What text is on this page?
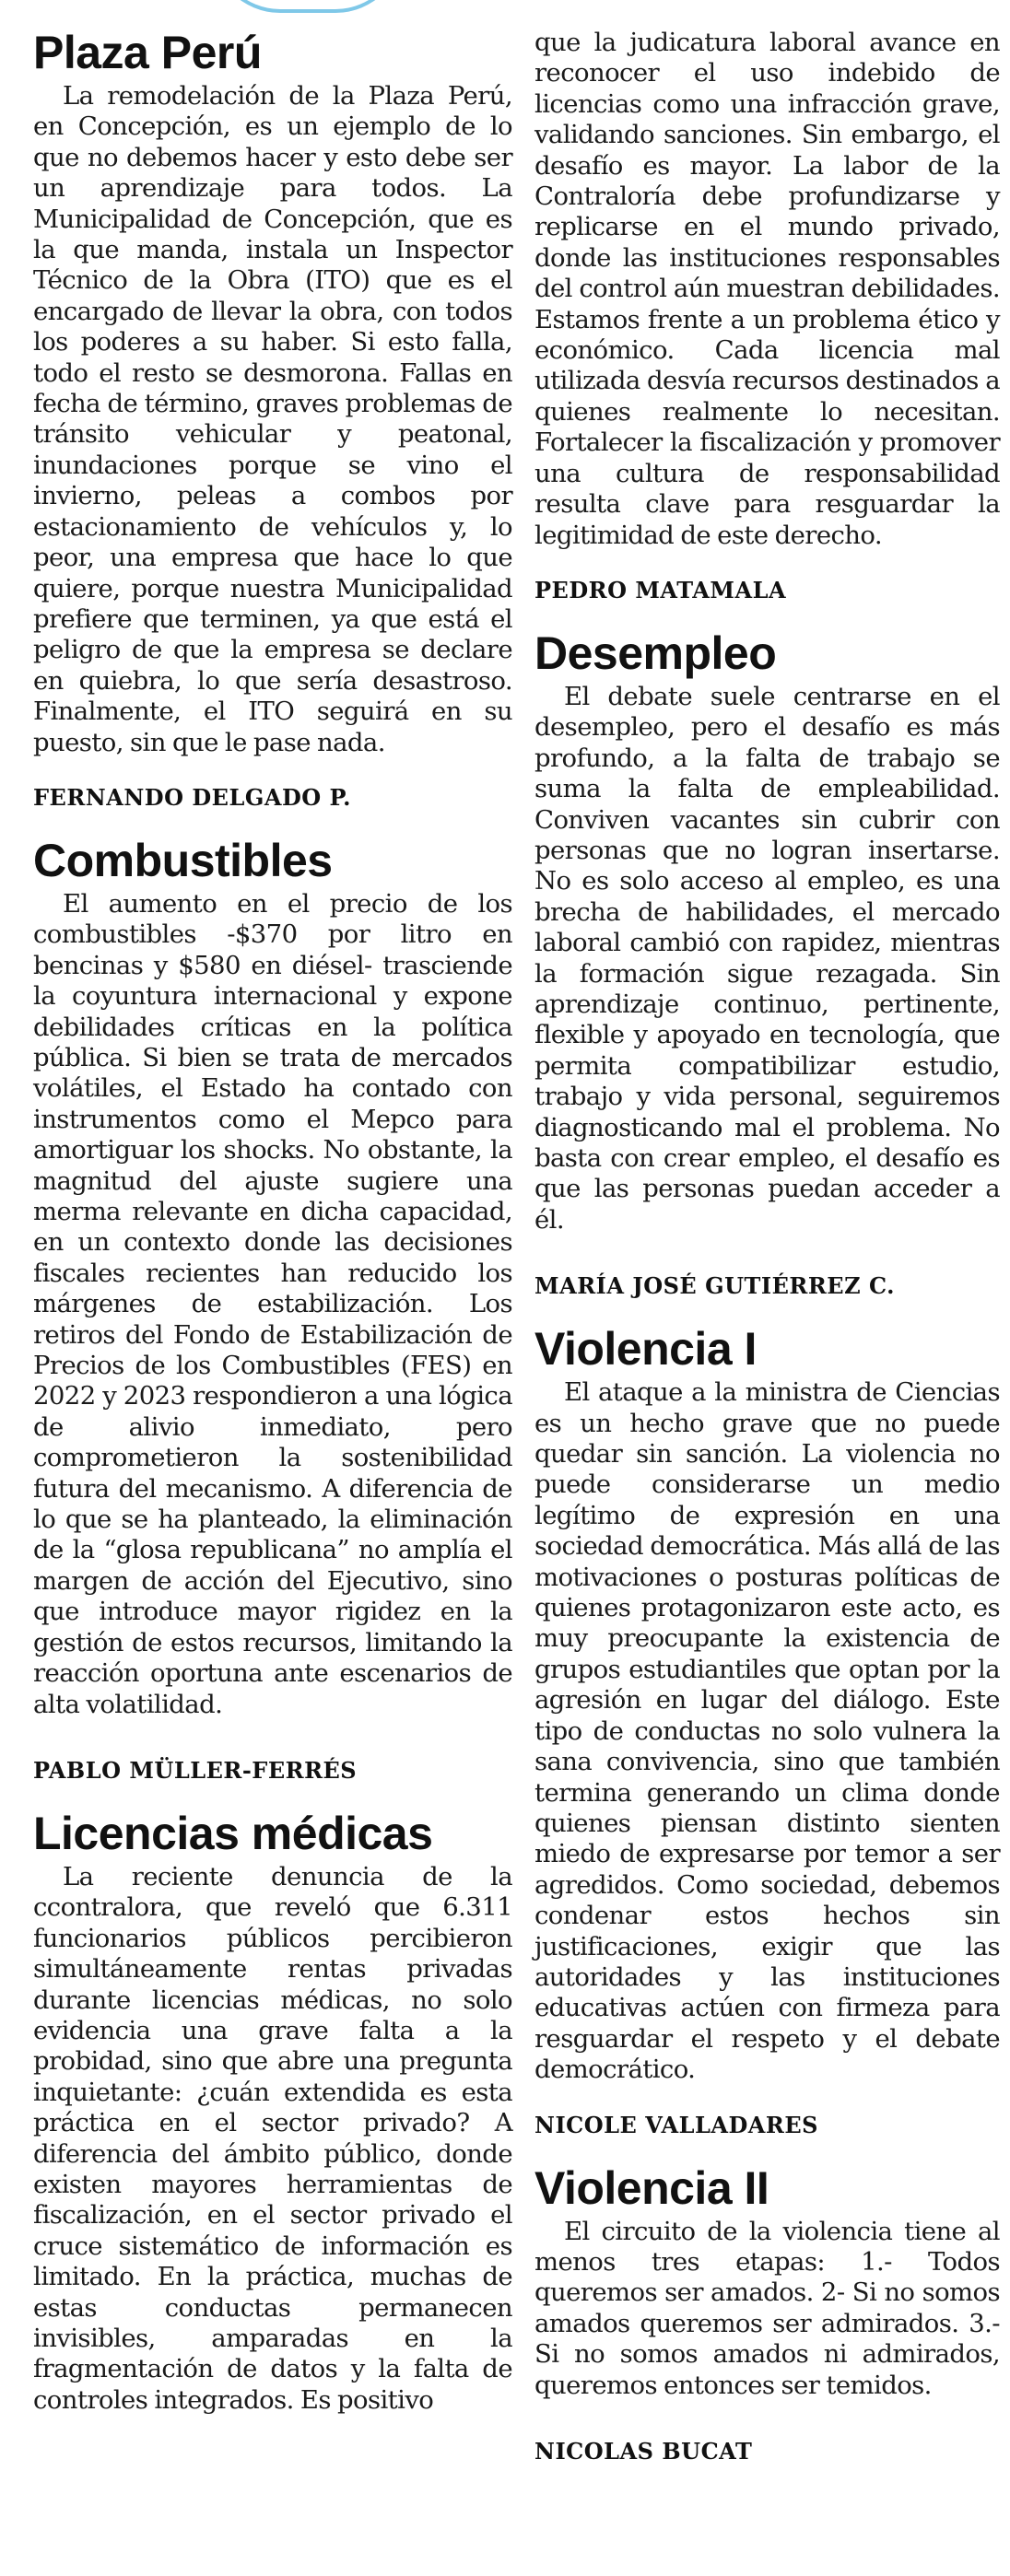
Plaza Perú

La remodelación de la Plaza Perú, en Concepción, es un ejemplo de lo que no debemos hacer y esto debe ser un aprendizaje para todos. La Municipalidad de Concepción, que es la que manda, instala un Inspector Técnico de la Obra (ITO) que es el encargado de llevar la obra, con todos los poderes a su haber. Si esto falla, todo el resto se desmorona. Fallas en fecha de término, graves problemas de tránsito vehicular y peatonal, inundaciones porque se vino el invierno, peleas a combos por estacionamiento de vehículos y, lo peor, una empresa que hace lo que quiere, porque nuestra Municipalidad prefiere que terminen, ya que está el peligro de que la empresa se declare en quiebra, lo que sería desastroso. Finalmente, el ITO seguirá en su puesto, sin que le pase nada.

FERNANDO DELGADO P.
Combustibles

El aumento en el precio de los combustibles -$370 por litro en bencinas y $580 en diésel- trasciende la coyuntura internacional y expone debilidades críticas en la política pública. Si bien se trata de mercados volátiles, el Estado ha contado con instrumentos como el Mepco para amortiguar los shocks. No obstante, la magnitud del ajuste sugiere una merma relevante en dicha capacidad, en un contexto donde las decisiones fiscales recientes han reducido los márgenes de estabilización. Los retiros del Fondo de Estabilización de Precios de los Combustibles (FES) en 2022 y 2023 respondieron a una lógica de alivio inmediato, pero comprometieron la sostenibilidad futura del mecanismo. A diferencia de lo que se ha planteado, la eliminación de la “glosa republicana” no amplía el margen de acción del Ejecutivo, sino que introduce mayor rigidez en la gestión de estos recursos, limitando la reacción oportuna ante escenarios de alta volatilidad.

PABLO MÜLLER-FERRÉS
Licencias médicas

La reciente denuncia de la ccontralora, que reveló que 6.311 funcionarios públicos percibieron simultáneamente rentas privadas durante licencias médicas, no solo evidencia una grave falta a la probidad, sino que abre una pregunta inquietante: ¿cuán extendida es esta práctica en el sector privado? A diferencia del ámbito público, donde existen mayores herramientas de fiscalización, en el sector privado el cruce sistemático de información es limitado. En la práctica, muchas de estas conductas permanecen invisibles, amparadas en la fragmentación de datos y la falta de controles integrados. Es positivo

que la judicatura laboral avance en reconocer el uso indebido de licencias como una infracción grave, validando sanciones. Sin embargo, el desafío es mayor. La labor de la Contraloría debe profundizarse y replicarse en el mundo privado, donde las instituciones responsables del control aún muestran debilidades. Estamos frente a un problema ético y económico. Cada licencia mal utilizada desvía recursos destinados a quienes realmente lo necesitan. Fortalecer la fiscalización y promover una cultura de responsabilidad resulta clave para resguardar la legitimidad de este derecho.

PEDRO MATAMALA
Desempleo

El debate suele centrarse en el desempleo, pero el desafío es más profundo, a la falta de trabajo se suma la falta de empleabilidad. Conviven vacantes sin cubrir con personas que no logran insertarse. No es solo acceso al empleo, es una brecha de habilidades, el mercado laboral cambió con rapidez, mientras la formación sigue rezagada. Sin aprendizaje continuo, pertinente, flexible y apoyado en tecnología, que permita compatibilizar estudio, trabajo y vida personal, seguiremos diagnosticando mal el problema. No basta con crear empleo, el desafío es que las personas puedan acceder a él.

MARÍA JOSÉ GUTIÉRREZ C.
Violencia I

El ataque a la ministra de Ciencias es un hecho grave que no puede quedar sin sanción. La violencia no puede considerarse un medio legítimo de expresión en una sociedad democrática. Más allá de las motivaciones o posturas políticas de quienes protagonizaron este acto, es muy preocupante la existencia de grupos estudiantiles que optan por la agresión en lugar del diálogo. Este tipo de conductas no solo vulnera la sana convivencia, sino que también termina generando un clima donde quienes piensan distinto sienten miedo de expresarse por temor a ser agredidos. Como sociedad, debemos condenar estos hechos sin justificaciones, exigir que las autoridades y las instituciones educativas actúen con firmeza para resguardar el respeto y el debate democrático.

NICOLE VALLADARES
Violencia II

El circuito de la violencia tiene al menos tres etapas: 1.- Todos queremos ser amados. 2- Si no somos amados queremos ser admirados. 3.- Si no somos amados ni admirados, queremos entonces ser temidos.

NICOLAS BUCAT
